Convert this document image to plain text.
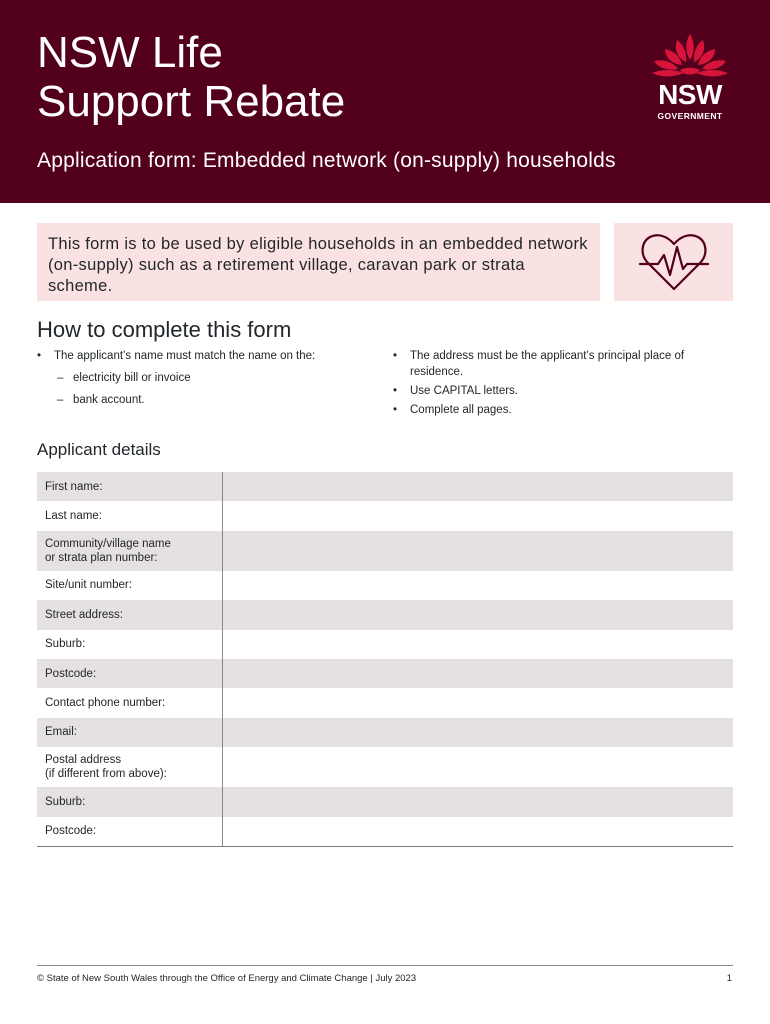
NSW Life
Support Rebate
Application form: Embedded network (on-supply) households
NSW
GOVERNMENT
This form is to be used by eligible households in an embedded network (on-supply) such as a retirement village, caravan park or strata scheme.
How to complete this form
• The applicant’s name must match the name on the:
– electricity bill or invoice
– bank account.
• The address must be the applicant’s principal place of residence.
• Use CAPITAL letters.
• Complete all pages.
Applicant details
First name:
Last name:
Community/village name
or strata plan number:
Site/unit number:
Street address:
Suburb:
Postcode:
Contact phone number:
Email:
Postal address
(if different from above):
Suburb:
Postcode:
© State of New South Wales through the Office of Energy and Climate Change | July 2023	1
